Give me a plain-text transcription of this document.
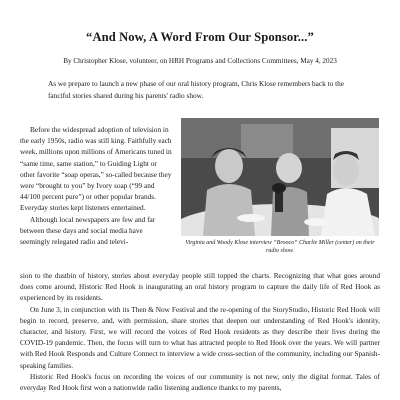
“And Now, A Word From Our Sponsor...”
By Christopher Klose, volunteer, on HRH Programs and Collections Committees, May 4, 2023

As we prepare to launch a new phase of our oral history program, Chris Klose remembers back to the fanciful stories shared during his parents' radio show.

Before the widespread adoption of television in the early 1950s, radio was still king. Faithfully each week, millions upon millions of Americans tuned in “same time, same station,” to Guiding Light or other favorite “soap operas,” so-called because they were “brought to you” by Ivory soap (“99 and 44/100 percent pure”) or other popular brands. Everyday stories kept listeners entertained.

Although local newspapers are few and far between these days and social media have seemingly relegated radio and televi-	Virginia and Woody Klose interview “Brooco” Charlie Miller (center) on their radio show.

sion to the dustbin of history, stories about everyday people still topped the charts. Recognizing that what goes around does come around, Historic Red Hook is inaugurating an oral history program to capture the daily life of Red Hook as experienced by its residents.

On June 3, in conjunction with its Then & Now Festival and the re-opening of the StoryStudio, Historic Red Hook will begin to record, preserve, and, with permission, share stories that deepen our understanding of Red Hook's identity, character, and history. First, we will record the voices of Red Hook residents as they describe their lives during the COVID-19 pandemic. Then, the focus will turn to what has attracted people to Red Hook over the years. We will partner with Red Hook Responds and Culture Connect to interview a wide cross-section of the community, including our Spanish-speaking families.

Historic Red Hook's focus on recording the voices of our community is not new, only the digital format. Tales of everyday Red Hook first won a nationwide radio listening audience thanks to my parents,
